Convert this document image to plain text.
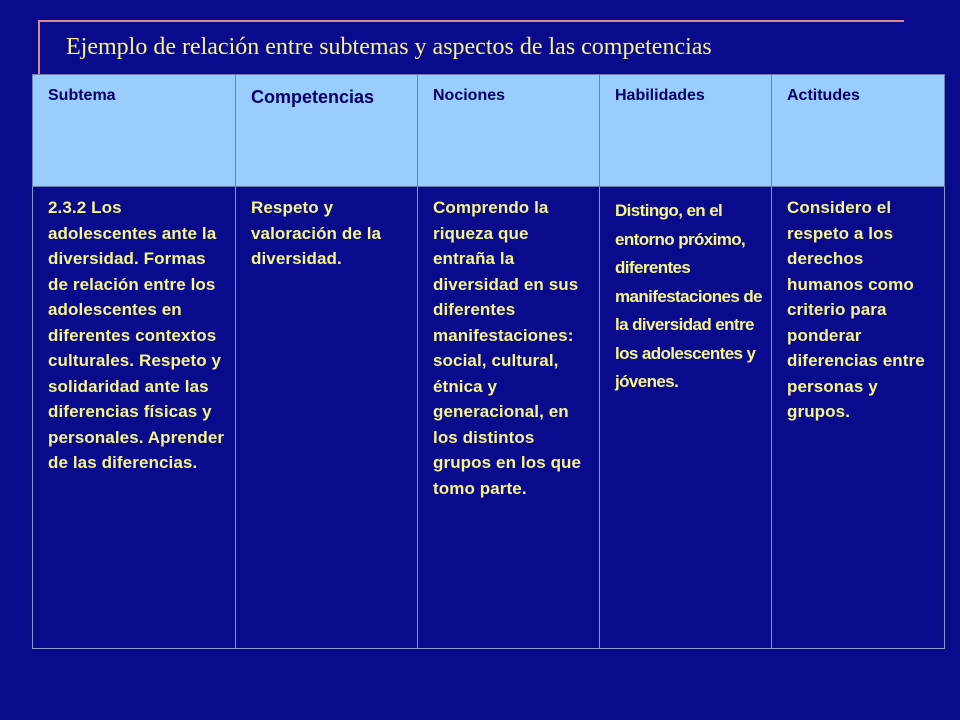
Ejemplo de relación entre subtemas y aspectos de las competencias
Subtema	Competencias	Nociones	Habilidades	Actitudes
2.3.2 Los adolescentes ante la diversidad. Formas de relación entre los adolescentes en diferentes contextos culturales. Respeto y solidaridad ante las diferencias físicas y personales. Aprender de las diferencias.	Respeto y valoración de la diversidad.	Comprendo la riqueza que entraña la diversidad en sus diferentes manifestaciones: social, cultural, étnica y generacional, en los distintos grupos en los que tomo parte.	Distingo, en el entorno próximo, diferentes manifestaciones de la diversidad entre los adolescentes y jóvenes.	Considero el respeto a los derechos humanos como criterio para ponderar diferencias entre personas y grupos.
